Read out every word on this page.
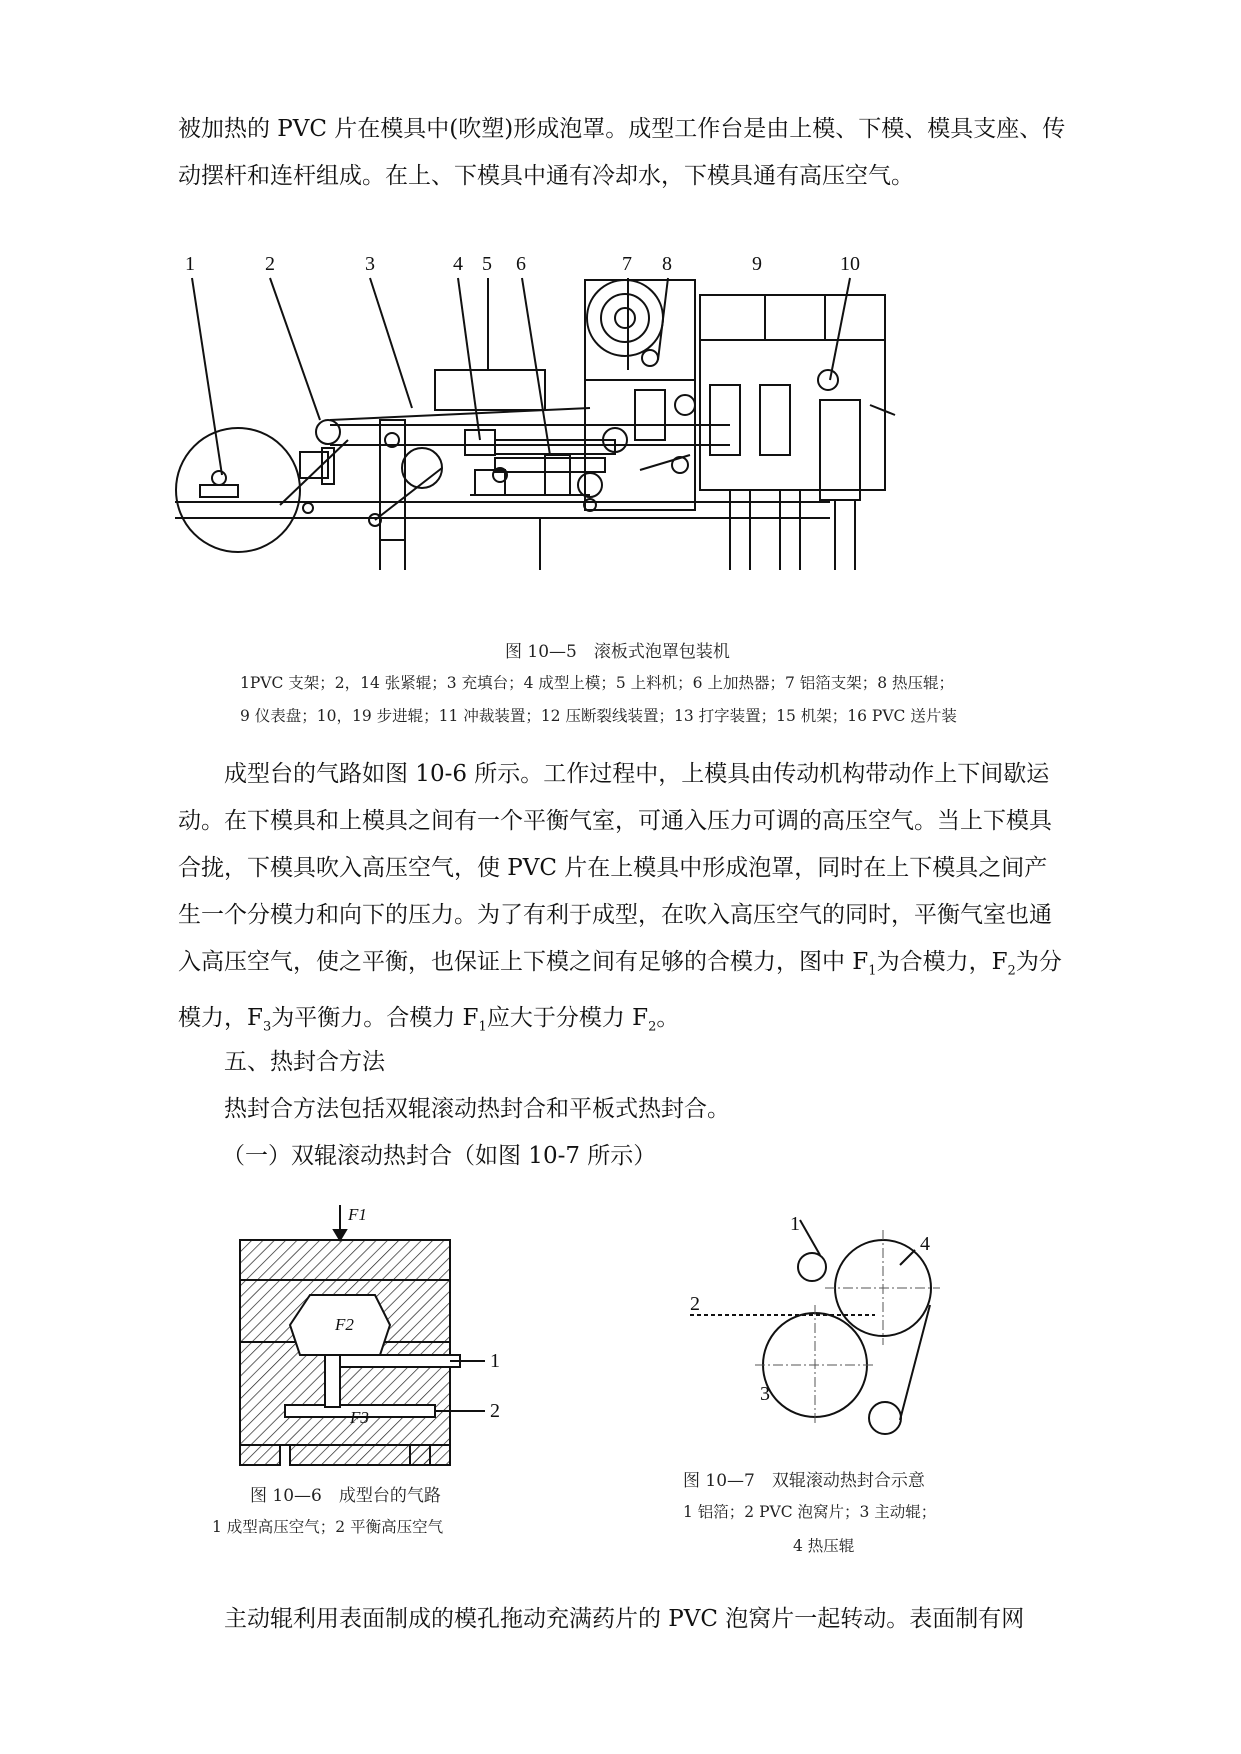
被加热的 PVC 片在模具中(吹塑)形成泡罩。成型工作台是由上模、下模、模具支座、传动摆杆和连杆组成。在上、下模具中通有冷却水，下模具通有高压空气。

1	2	3	4 5 6	7 8	9	10
图 10—5　滚板式泡罩包装机
1PVC 支架；2，14 张紧辊；3 充填台；4 成型上模；5 上料机；6 上加热器；7 铝箔支架；8 热压辊；
9 仪表盘；10，19 步进辊；11 冲裁装置；12 压断裂线装置；13 打字装置；15 机架；16 PVC 送片装

成型台的气路如图 10-6 所示。工作过程中，上模具由传动机构带动作上下间歇运动。在下模具和上模具之间有一个平衡气室，可通入压力可调的高压空气。当上下模具合拢，下模具吹入高压空气，使 PVC 片在上模具中形成泡罩，同时在上下模具之间产生一个分模力和向下的压力。为了有利于成型，在吹入高压空气的同时，平衡气室也通入高压空气，使之平衡，也保证上下模之间有足够的合模力，图中 $F_1$为合模力，$F_2$为分模力，$F_3$为平衡力。合模力 $F_1$应大于分模力 $F_2$。

五、热封合方法
热封合方法包括双辊滚动热封合和平板式热封合。
（一）双辊滚动热封合（如图 10-7 所示）
F1
F2
F3
1
2
图 10—6　成型台的气路
1 成型高压空气；2 平衡高压空气
1
2
3
4
图 10—7　双辊滚动热封合示意
1 铝箔；2 PVC 泡窝片；3 主动辊；
4 热压辊

主动辊利用表面制成的模孔拖动充满药片的 PVC 泡窝片一起转动。表面制有网
